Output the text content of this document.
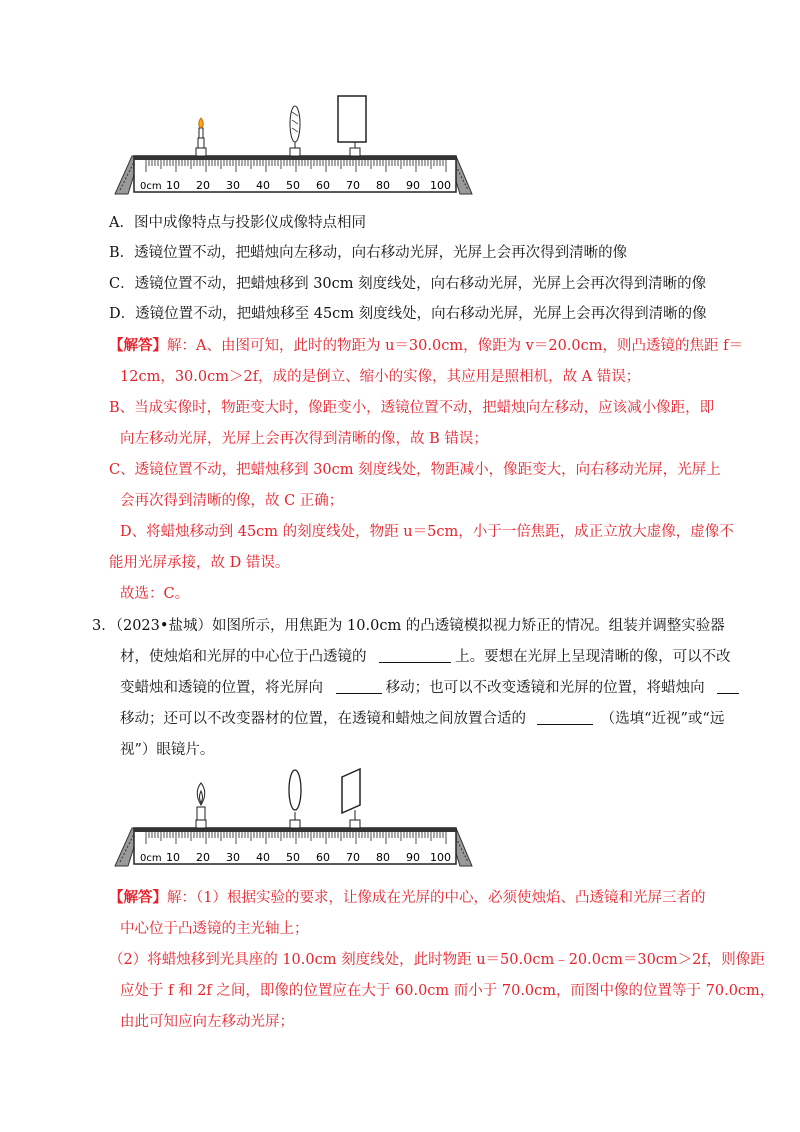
0cm 10 20 30 40 50 60 70 80 90 100
A．图中成像特点与投影仪成像特点相同
B．透镜位置不动，把蜡烛向左移动，向右移动光屏，光屏上会再次得到清晰的像
C．透镜位置不动，把蜡烛移到 30cm 刻度线处，向右移动光屏，光屏上会再次得到清晰的像
D．透镜位置不动，把蜡烛移至 45cm 刻度线处，向右移动光屏，光屏上会再次得到清晰的像
【解答】解：A、由图可知，此时的物距为 u＝30.0cm，像距为 v＝20.0cm，则凸透镜的焦距 f＝
12cm，30.0cm＞2f，成的是倒立、缩小的实像，其应用是照相机，故 A 错误；
B、当成实像时，物距变大时，像距变小，透镜位置不动，把蜡烛向左移动，应该减小像距，即
向左移动光屏，光屏上会再次得到清晰的像，故 B 错误；
C、透镜位置不动，把蜡烛移到 30cm 刻度线处，物距减小，像距变大，向右移动光屏，光屏上
会再次得到清晰的像，故 C 正确；
D、将蜡烛移动到 45cm 的刻度线处，物距 u＝5cm，小于一倍焦距，成正立放大虚像，虚像不
能用光屏承接，故 D 错误。
故选：C。
3．（2023•盐城）如图所示，用焦距为 10.0cm 的凸透镜模拟视力矫正的情况。组装并调整实验器
材，使烛焰和光屏的中心位于凸透镜的	上。要想在光屏上呈现清晰的像，可以不改
变蜡烛和透镜的位置，将光屏向	移动；也可以不改变透镜和光屏的位置，将蜡烛向
移动；还可以不改变器材的位置，在透镜和蜡烛之间放置合适的	（选填“近视”或“远
视”）眼镜片。
0cm 10 20 30 40 50 60 70 80 90 100
【解答】解：（1）根据实验的要求，让像成在光屏的中心，必须使烛焰、凸透镜和光屏三者的
中心位于凸透镜的主光轴上；
（2）将蜡烛移到光具座的 10.0cm 刻度线处，此时物距 u＝50.0cm﹣20.0cm＝30cm＞2f，则像距
应处于 f 和 2f 之间，即像的位置应在大于 60.0cm 而小于 70.0cm，而图中像的位置等于 70.0cm，
由此可知应向左移动光屏；
